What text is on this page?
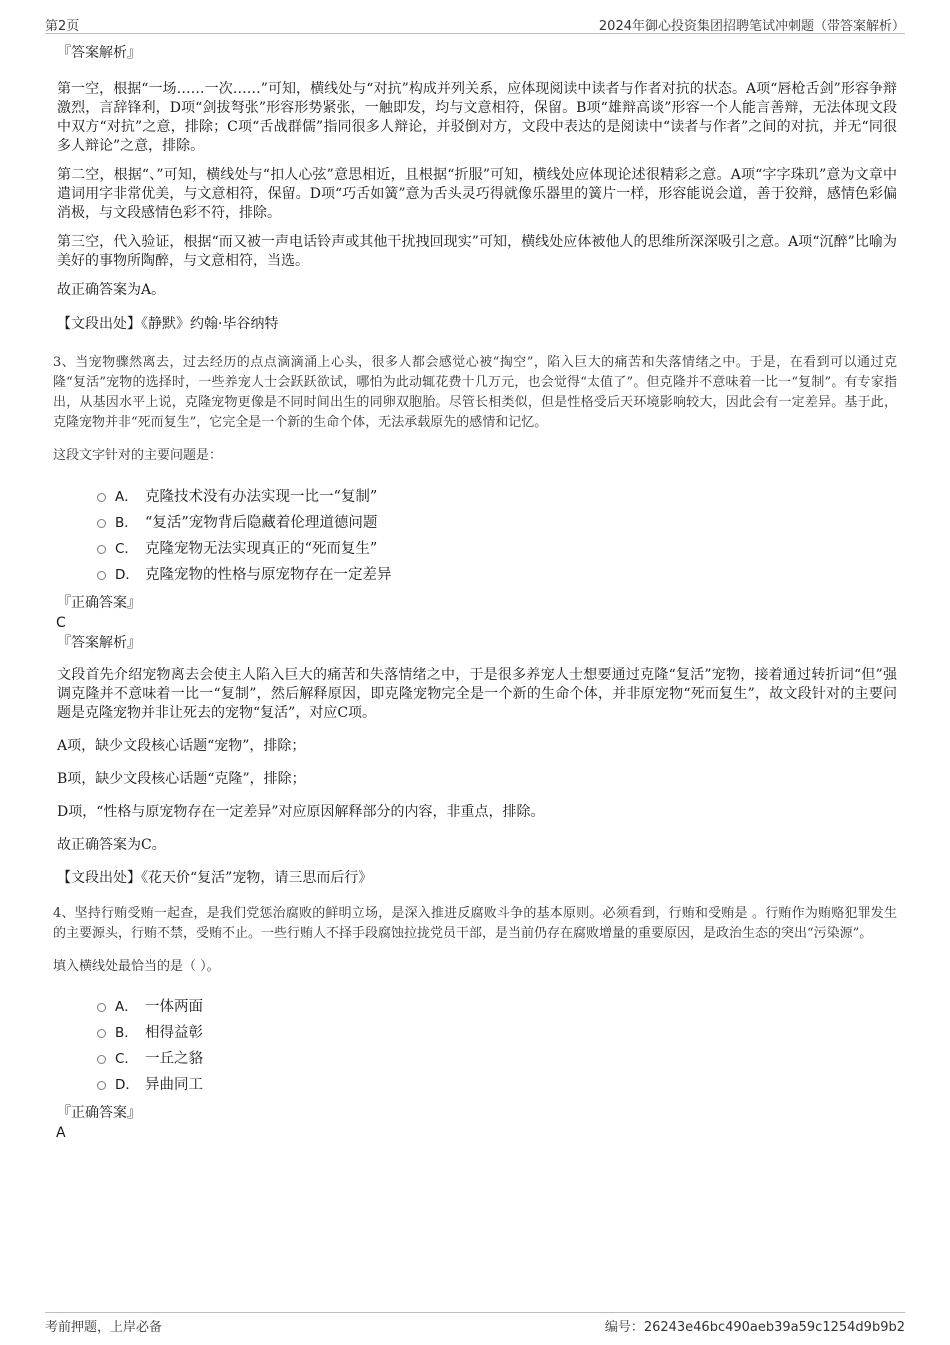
第2页	2024年御心投资集团招聘笔试冲刺题（带答案解析）

『答案解析』

第一空，根据“一场……一次……”可知，横线处与“对抗”构成并列关系，应体现阅读中读者与作者对抗的状态。A项“唇枪舌剑”形容争辩激烈，言辞锋利，D项“剑拔弩张”形容形势紧张，一触即发，均与文意相符，保留。B项“雄辩高谈”形容一个人能言善辩，无法体现文段中双方“对抗”之意，排除；C项“舌战群儒”指同很多人辩论，并驳倒对方，文段中表达的是阅读中“读者与作者”之间的对抗，并无“同很多人辩论”之意，排除。

第二空，根据“、”可知，横线处与“扣人心弦”意思相近，且根据“折服”可知，横线处应体现论述很精彩之意。A项“字字珠玑”意为文章中遣词用字非常优美，与文意相符，保留。D项“巧舌如簧”意为舌头灵巧得就像乐器里的簧片一样，形容能说会道，善于狡辩，感情色彩偏消极，与文段感情色彩不符，排除。

第三空，代入验证，根据“而又被一声电话铃声或其他干扰拽回现实”可知，横线处应体被他人的思维所深深吸引之意。A项“沉醉”比喻为美好的事物所陶醉，与文意相符，当选。

故正确答案为A。

【文段出处】《静默》约翰·毕谷纳特

3、当宠物骤然离去，过去经历的点点滴滴涌上心头，很多人都会感觉心被“掏空”，陷入巨大的痛苦和失落情绪之中。于是，在看到可以通过克隆“复活”宠物的选择时，一些养宠人士会跃跃欲试，哪怕为此动辄花费十几万元，也会觉得“太值了”。但克隆并不意味着一比一“复制”。有专家指出，从基因水平上说，克隆宠物更像是不同时间出生的同卵双胞胎。尽管长相类似，但是性格受后天环境影响较大，因此会有一定差异。基于此，克隆宠物并非“死而复生”，它完全是一个新的生命个体，无法承载原先的感情和记忆。

这段文字针对的主要问题是：

A． 克隆技术没有办法实现一比一“复制”
B． “复活”宠物背后隐藏着伦理道德问题
C． 克隆宠物无法实现真正的“死而复生”
D． 克隆宠物的性格与原宠物存在一定差异

『正确答案』

C

『答案解析』

文段首先介绍宠物离去会使主人陷入巨大的痛苦和失落情绪之中，于是很多养宠人士想要通过克隆“复活”宠物，接着通过转折词“但”强调克隆并不意味着一比一“复制”，然后解释原因，即克隆宠物完全是一个新的生命个体，并非原宠物“死而复生”，故文段针对的主要问题是克隆宠物并非让死去的宠物“复活”，对应C项。

A项，缺少文段核心话题“宠物”，排除；

B项，缺少文段核心话题“克隆”，排除；

D项，“性格与原宠物存在一定差异”对应原因解释部分的内容，非重点，排除。

故正确答案为C。

【文段出处】《花天价“复活”宠物，请三思而后行》

4、坚持行贿受贿一起查，是我们党惩治腐败的鲜明立场，是深入推进反腐败斗争的基本原则。必须看到，行贿和受贿是 。行贿作为贿赂犯罪发生的主要源头，行贿不禁，受贿不止。一些行贿人不择手段腐蚀拉拢党员干部，是当前仍存在腐败增量的重要原因，是政治生态的突出“污染源”。

填入横线处最恰当的是（ ）。

A． 一体两面
B． 相得益彰
C． 一丘之貉
D． 异曲同工

『正确答案』

A

考前押题，上岸必备	编号：26243e46bc490aeb39a59c1254d9b9b2
